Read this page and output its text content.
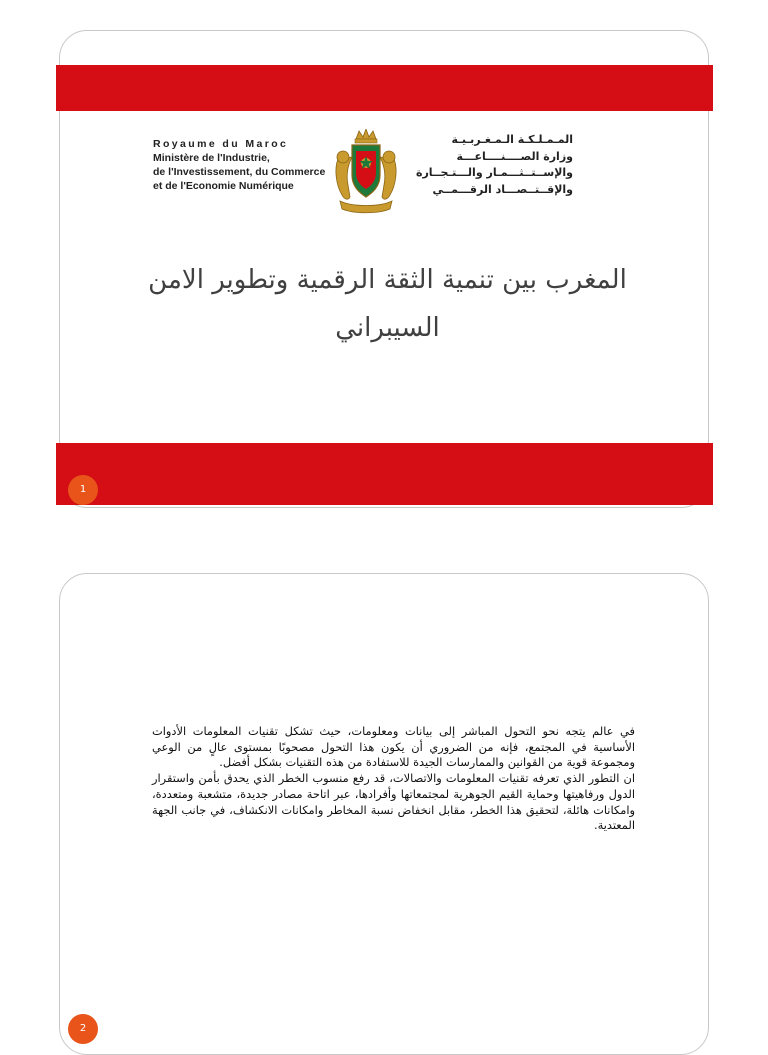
Royaume du Maroc
Ministère de l'Industrie,
de l'Investissement, du Commerce
et de l'Economie Numérique
المـمـلـكـة الـمـغـربـيـة
وزارة الصــــنــــاعـــة
والإســتــثـــمـار والـــتـجــارة
والإقــتــصـــاد الرقـــمــي
المغرب بين تنمية الثقة الرقمية وتطوير الامن
السيبراني
1

في عالم يتجه نحو التحول المباشر إلى بيانات ومعلومات، حيث تشكل تقنيات المعلومات الأدوات الأساسية في المجتمع، فإنه من الضروري أن يكون هذا التحول مصحوبًا بمستوى عالٍ من الوعي ومجموعة قوية من القوانين والممارسات الجيدة للاستفادة من هذه التقنيات بشكل أفضل.

ان التطور الذي تعرفه تقنيات المعلومات والاتصالات، قد رفع منسوب الخطر الذي يحدق بأمن واستقرار الدول ورفاهيتها وحماية القيم الجوهرية لمجتمعاتها وأفرادها، عبر اتاحة مصادر جديدة، متشعبة ومتعددة، وامكانات هائلة، لتحقيق هذا الخطر، مقابل انخفاض نسبة المخاطر وامكانات الانكشاف، في جانب الجهة المعتدية.

2
